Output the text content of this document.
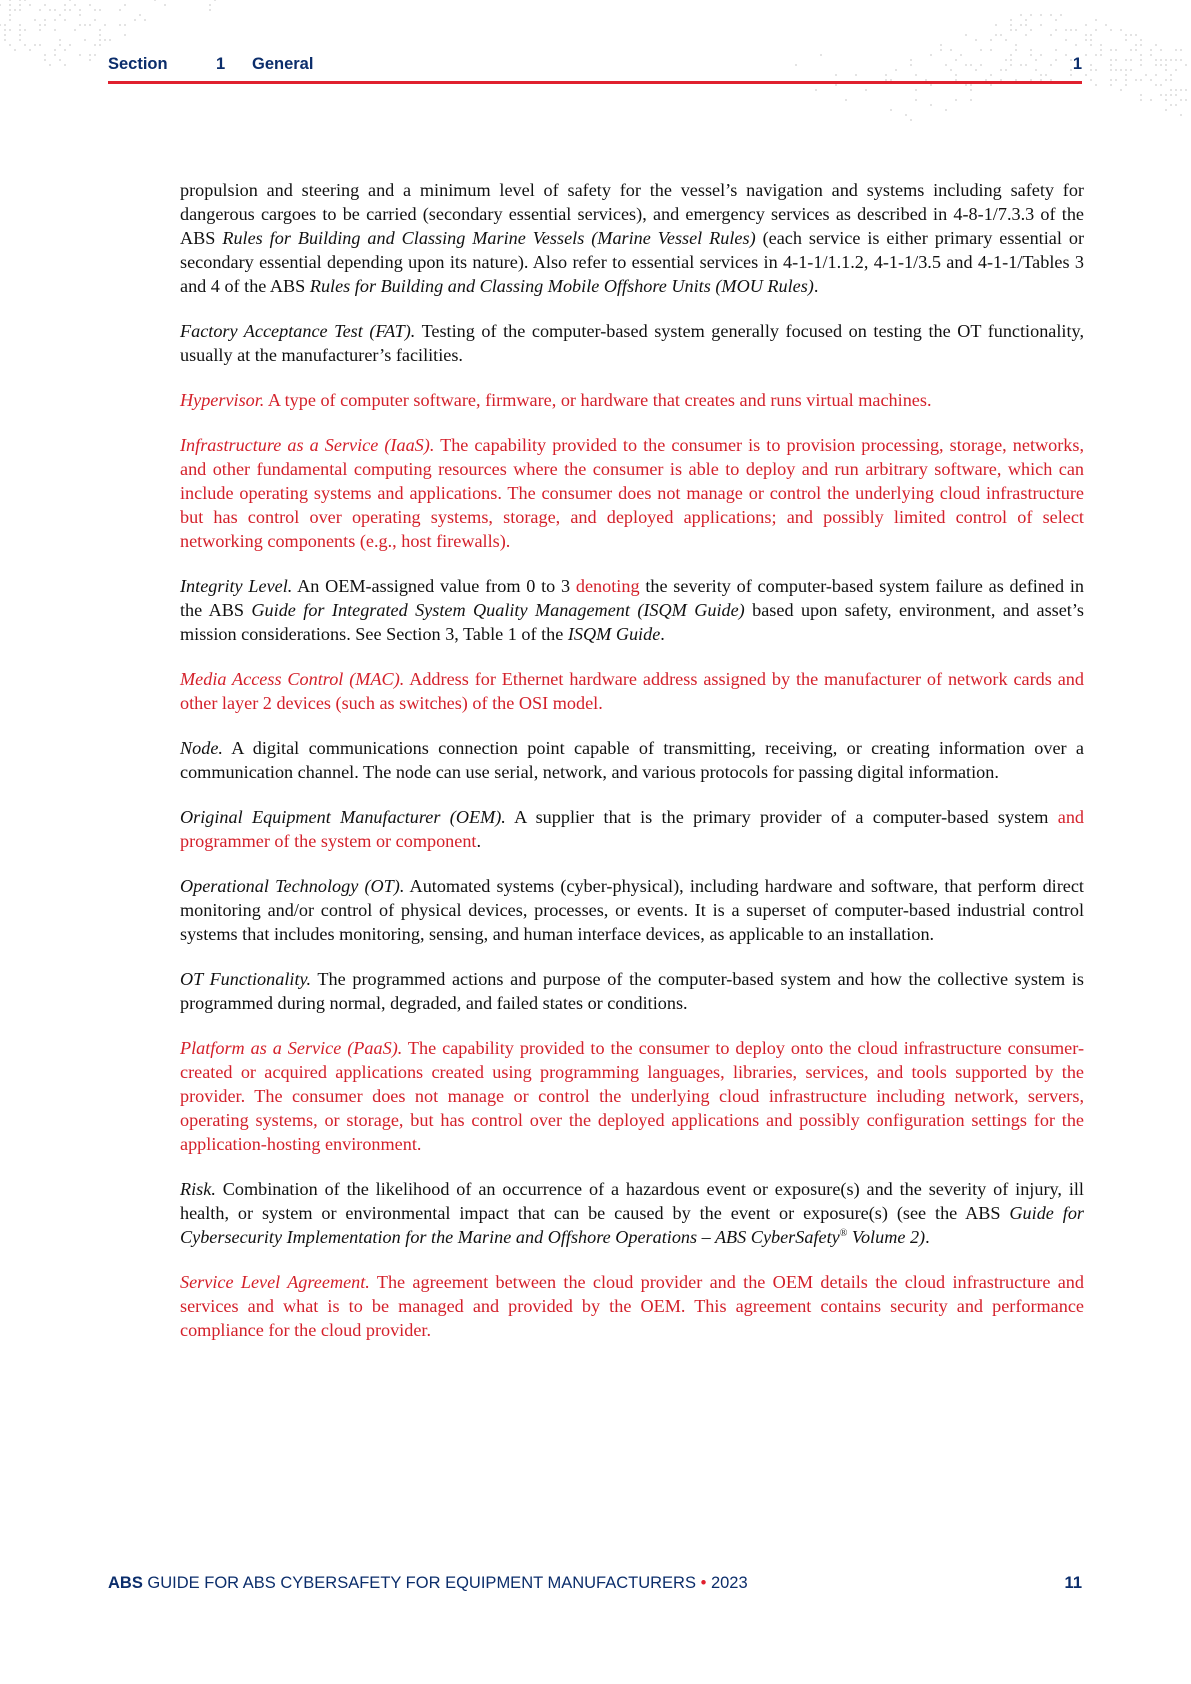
Section	1 General	1

propulsion and steering and a minimum level of safety for the vessel’s navigation and systems including safety for dangerous cargoes to be carried (secondary essential services), and emergency services as described in 4-8-1/7.3.3 of the ABS Rules for Building and Classing Marine Vessels (Marine Vessel Rules) (each service is either primary essential or secondary essential depending upon its nature). Also refer to essential services in 4-1-1/1.1.2, 4-1-1/3.5 and 4-1-1/Tables 3 and 4 of the ABS Rules for Building and Classing Mobile Offshore Units (MOU Rules).

Factory Acceptance Test (FAT). Testing of the computer-based system generally focused on testing the OT functionality, usually at the manufacturer’s facilities.

Hypervisor. A type of computer software, firmware, or hardware that creates and runs virtual machines.

Infrastructure as a Service (IaaS). The capability provided to the consumer is to provision processing, storage, networks, and other fundamental computing resources where the consumer is able to deploy and run arbitrary software, which can include operating systems and applications. The consumer does not manage or control the underlying cloud infrastructure but has control over operating systems, storage, and deployed applications; and possibly limited control of select networking components (e.g., host firewalls).

Integrity Level. An OEM-assigned value from 0 to 3 denoting the severity of computer-based system failure as defined in the ABS Guide for Integrated System Quality Management (ISQM Guide) based upon safety, environment, and asset’s mission considerations. See Section 3, Table 1 of the ISQM Guide.

Media Access Control (MAC). Address for Ethernet hardware address assigned by the manufacturer of network cards and other layer 2 devices (such as switches) of the OSI model.

Node. A digital communications connection point capable of transmitting, receiving, or creating information over a communication channel. The node can use serial, network, and various protocols for passing digital information.

Original Equipment Manufacturer (OEM). A supplier that is the primary provider of a computer-based system and programmer of the system or component.

Operational Technology (OT). Automated systems (cyber-physical), including hardware and software, that perform direct monitoring and/or control of physical devices, processes, or events. It is a superset of computer-based industrial control systems that includes monitoring, sensing, and human interface devices, as applicable to an installation.

OT Functionality. The programmed actions and purpose of the computer-based system and how the collective system is programmed during normal, degraded, and failed states or conditions.

Platform as a Service (PaaS). The capability provided to the consumer to deploy onto the cloud infrastructure consumer-created or acquired applications created using programming languages, libraries, services, and tools supported by the provider. The consumer does not manage or control the underlying cloud infrastructure including network, servers, operating systems, or storage, but has control over the deployed applications and possibly configuration settings for the application-hosting environment.

Risk. Combination of the likelihood of an occurrence of a hazardous event or exposure(s) and the severity of injury, ill health, or system or environmental impact that can be caused by the event or exposure(s) (see the ABS Guide for Cybersecurity Implementation for the Marine and Offshore Operations – ABS CyberSafety® Volume 2).

Service Level Agreement. The agreement between the cloud provider and the OEM details the cloud infrastructure and services and what is to be managed and provided by the OEM. This agreement contains security and performance compliance for the cloud provider.

ABS GUIDE FOR ABS CYBERSAFETY FOR EQUIPMENT MANUFACTURERS • 2023	11
